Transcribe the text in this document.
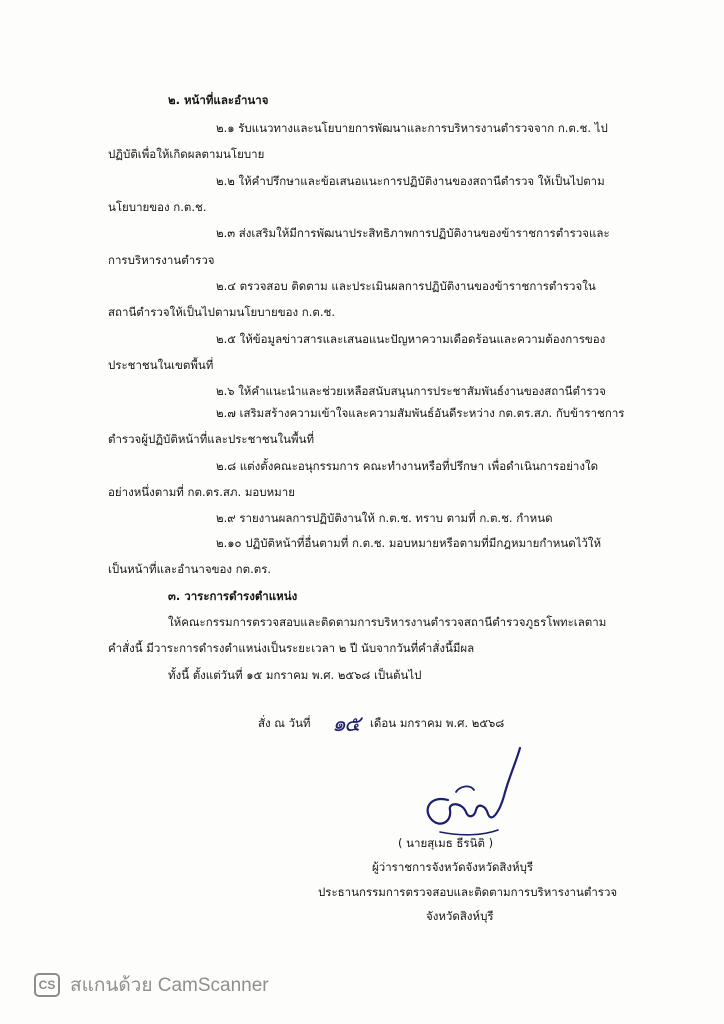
๒. หน้าที่และอำนาจ
๒.๑ รับแนวทางและนโยบายการพัฒนาและการบริหารงานตำรวจจาก ก.ต.ช. ไป
ปฏิบัติเพื่อให้เกิดผลตามนโยบาย
๒.๒ ให้คำปรึกษาและข้อเสนอแนะการปฏิบัติงานของสถานีตำรวจ ให้เป็นไปตาม
นโยบายของ ก.ต.ช.
๒.๓ ส่งเสริมให้มีการพัฒนาประสิทธิภาพการปฏิบัติงานของข้าราชการตำรวจและ
การบริหารงานตำรวจ
๒.๔ ตรวจสอบ ติดตาม และประเมินผลการปฏิบัติงานของข้าราชการตำรวจใน
สถานีตำรวจให้เป็นไปตามนโยบายของ ก.ต.ช.
๒.๕ ให้ข้อมูลข่าวสารและเสนอแนะปัญหาความเดือดร้อนและความต้องการของ
ประชาชนในเขตพื้นที่
๒.๖ ให้คำแนะนำและช่วยเหลือสนับสนุนการประชาสัมพันธ์งานของสถานีตำรวจ
๒.๗ เสริมสร้างความเข้าใจและความสัมพันธ์อันดีระหว่าง กต.ตร.สภ. กับข้าราชการ
ตำรวจผู้ปฏิบัติหน้าที่และประชาชนในพื้นที่
๒.๘ แต่งตั้งคณะอนุกรรมการ คณะทำงานหรือที่ปรึกษา เพื่อดำเนินการอย่างใด
อย่างหนึ่งตามที่ กต.ตร.สภ. มอบหมาย
๒.๙ รายงานผลการปฏิบัติงานให้ ก.ต.ช. ทราบ ตามที่ ก.ต.ช. กำหนด
๒.๑๐ ปฏิบัติหน้าที่อื่นตามที่ ก.ต.ช. มอบหมายหรือตามที่มีกฎหมายกำหนดไว้ให้
เป็นหน้าที่และอำนาจของ กต.ตร.
๓. วาระการดำรงตำแหน่ง
ให้คณะกรรมการตรวจสอบและติดตามการบริหารงานตำรวจสถานีตำรวจภูธรโพทะเลตาม
คำสั่งนี้ มีวาระการดำรงตำแหน่งเป็นระยะเวลา ๒ ปี นับจากวันที่คำสั่งนี้มีผล
ทั้งนี้ ตั้งแต่วันที่ ๑๕ มกราคม พ.ศ. ๒๕๖๘ เป็นต้นไป
สั่ง ณ วันที่ ๑๕ เดือน มกราคม พ.ศ. ๒๕๖๘
( นายสุเมธ ธีรนิติ )
ผู้ว่าราชการจังหวัดจังหวัดสิงห์บุรี
ประธานกรรมการตรวจสอบและติดตามการบริหารงานตำรวจ
จังหวัดสิงห์บุรี
CS สแกนด้วย CamScanner
